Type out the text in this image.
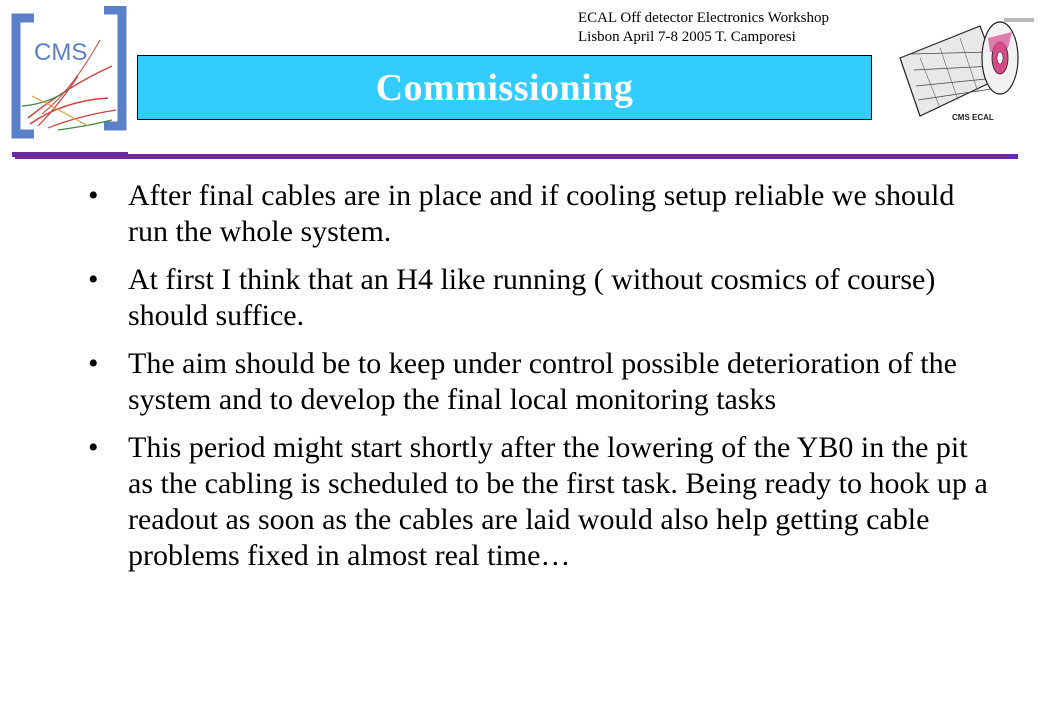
CMS
ECAL Off detector Electronics Workshop
Lisbon April 7-8 2005 T. Camporesi
Commissioning
CMS ECAL
• After final cables are in place and if cooling setup reliable we should run the whole system.
• At first I think that an H4 like running ( without cosmics of course) should suffice.
• The aim should be to keep under control possible deterioration of the system and to develop the final local monitoring tasks
• This period might start shortly after the lowering of the YB0 in the pit as the cabling is scheduled to be the first task. Being ready to hook up a readout as soon as the cables are laid would also help getting cable problems fixed in almost real time…
